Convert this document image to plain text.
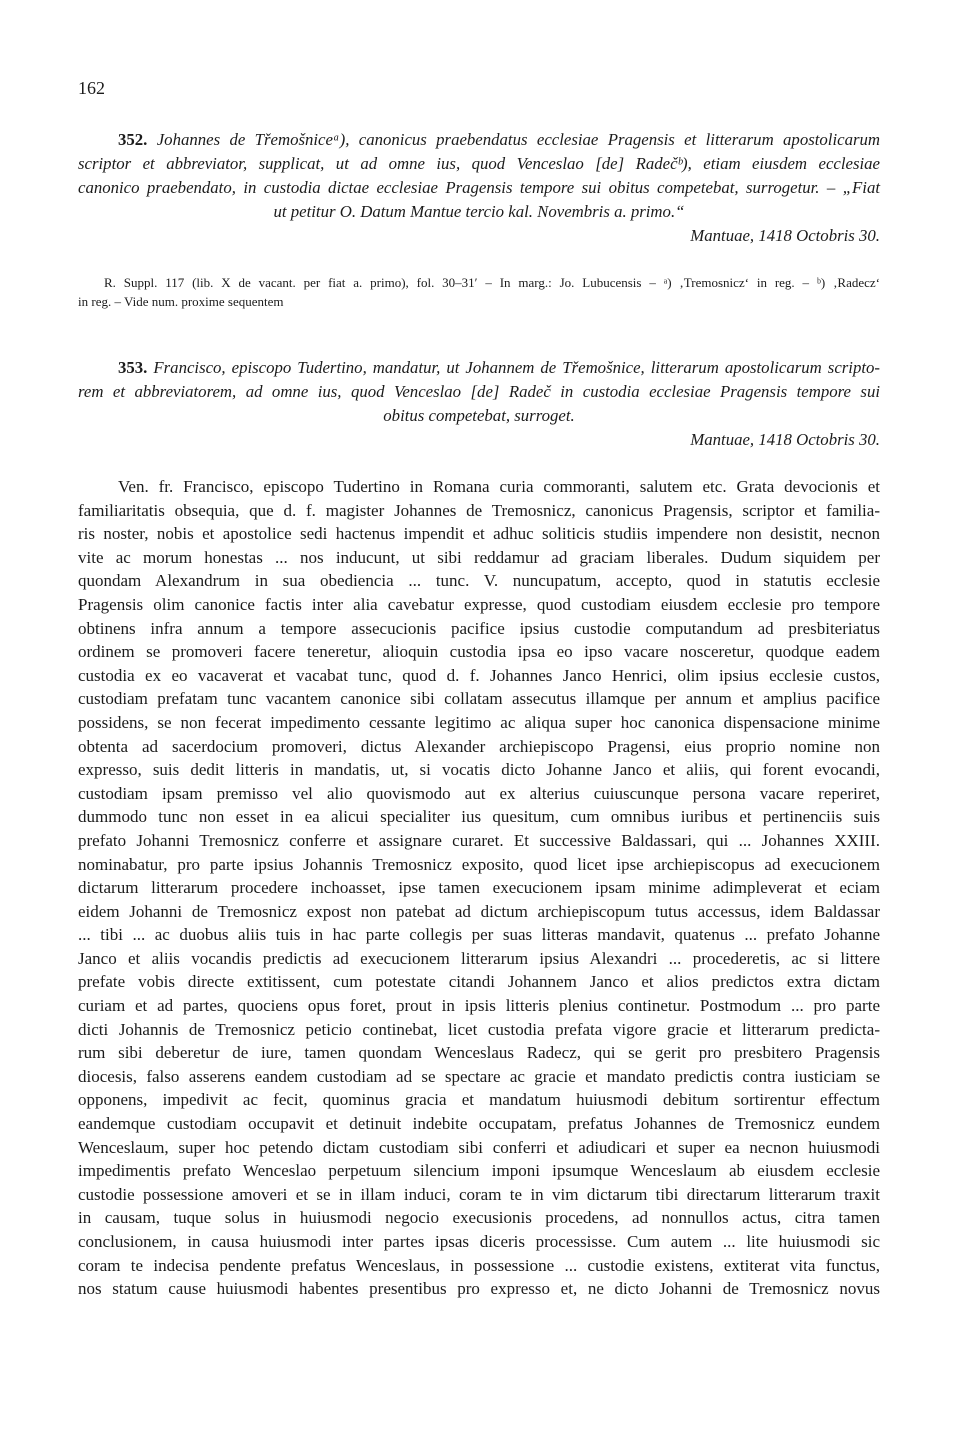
162
352. Johannes de Třemošniceᵃ), canonicus praebendatus ecclesiae Pragensis et litterarum apostolicarum
scriptor et abbreviator, supplicat, ut ad omne ius, quod Venceslao [de] Radečᵇ), etiam eiusdem ecclesiae
canonico praebendato, in custodia dictae ecclesiae Pragensis tempore sui obitus competebat, surrogetur. – „Fiat
ut petitur O. Datum Mantue tercio kal. Novembris a. primo.“
Mantuae, 1418 Octobris 30.
R. Suppl. 117 (lib. X de vacant. per fiat a. primo), fol. 30–31′ – In marg.: Jo. Lubucensis – ᵃ) ‚Tremosnicz‘ in reg. – ᵇ) ‚Radecz‘
in reg. – Vide num. proxime sequentem
353. Francisco, episcopo Tudertino, mandatur, ut Johannem de Třemošnice, litterarum apostolicarum scripto-
rem et abbreviatorem, ad omne ius, quod Venceslao [de] Radeč in custodia ecclesiae Pragensis tempore sui
obitus competebat, surroget.
Mantuae, 1418 Octobris 30.
Ven. fr. Francisco, episcopo Tudertino in Romana curia commoranti, salutem etc. Grata devocionis et
familiaritatis obsequia, que d. f. magister Johannes de Tremosnicz, canonicus Pragensis, scriptor et familia-
ris noster, nobis et apostolice sedi hactenus impendit et adhuc soliticis studiis impendere non desistit, necnon
vite ac morum honestas ... nos inducunt, ut sibi reddamur ad graciam liberales. Dudum siquidem per
quondam Alexandrum in sua obediencia ... tunc. V. nuncupatum, accepto, quod in statutis ecclesie
Pragensis olim canonice factis inter alia cavebatur expresse, quod custodiam eiusdem ecclesie pro tempore
obtinens infra annum a tempore assecucionis pacifice ipsius custodie computandum ad presbiteriatus
ordinem se promoveri facere teneretur, alioquin custodia ipsa eo ipso vacare nosceretur, quodque eadem
custodia ex eo vacaverat et vacabat tunc, quod d. f. Johannes Janco Henrici, olim ipsius ecclesie custos,
custodiam prefatam tunc vacantem canonice sibi collatam assecutus illamque per annum et amplius pacifice
possidens, se non fecerat impedimento cessante legitimo ac aliqua super hoc canonica dispensacione minime
obtenta ad sacerdocium promoveri, dictus Alexander archiepiscopo Pragensi, eius proprio nomine non
expresso, suis dedit litteris in mandatis, ut, si vocatis dicto Johanne Janco et aliis, qui forent evocandi,
custodiam ipsam premisso vel alio quovismodo aut ex alterius cuiuscunque persona vacare reperiret,
dummodo tunc non esset in ea alicui specialiter ius quesitum, cum omnibus iuribus et pertinenciis suis
prefato Johanni Tremosnicz conferre et assignare curaret. Et successive Baldassari, qui ... Johannes XXIII.
nominabatur, pro parte ipsius Johannis Tremosnicz exposito, quod licet ipse archiepiscopus ad execucionem
dictarum litterarum procedere inchoasset, ipse tamen execucionem ipsam minime adimpleverat et eciam
eidem Johanni de Tremosnicz expost non patebat ad dictum archiepiscopum tutus accessus, idem Baldassar
... tibi ... ac duobus aliis tuis in hac parte collegis per suas litteras mandavit, quatenus ... prefato Johanne
Janco et aliis vocandis predictis ad execucionem litterarum ipsius Alexandri ... procederetis, ac si littere
prefate vobis directe extitissent, cum potestate citandi Johannem Janco et alios predictos extra dictam
curiam et ad partes, quociens opus foret, prout in ipsis litteris plenius continetur. Postmodum ... pro parte
dicti Johannis de Tremosnicz peticio continebat, licet custodia prefata vigore gracie et litterarum predicta-
rum sibi deberetur de iure, tamen quondam Wenceslaus Radecz, qui se gerit pro presbitero Pragensis
diocesis, falso asserens eandem custodiam ad se spectare ac gracie et mandato predictis contra iusticiam se
opponens, impedivit ac fecit, quominus gracia et mandatum huiusmodi debitum sortirentur effectum
eandemque custodiam occupavit et detinuit indebite occupatam, prefatus Johannes de Tremosnicz eundem
Wenceslaum, super hoc petendo dictam custodiam sibi conferri et adiudicari et super ea necnon huiusmodi
impedimentis prefato Wenceslao perpetuum silencium imponi ipsumque Wenceslaum ab eiusdem ecclesie
custodie possessione amoveri et se in illam induci, coram te in vim dictarum tibi directarum litterarum traxit
in causam, tuque solus in huiusmodi negocio execusionis procedens, ad nonnullos actus, citra tamen
conclusionem, in causa huiusmodi inter partes ipsas diceris processisse. Cum autem ... lite huiusmodi sic
coram te indecisa pendente prefatus Wenceslaus, in possessione ... custodie existens, extiterat vita functus,
nos statum cause huiusmodi habentes presentibus pro expresso et, ne dicto Johanni de Tremosnicz novus
